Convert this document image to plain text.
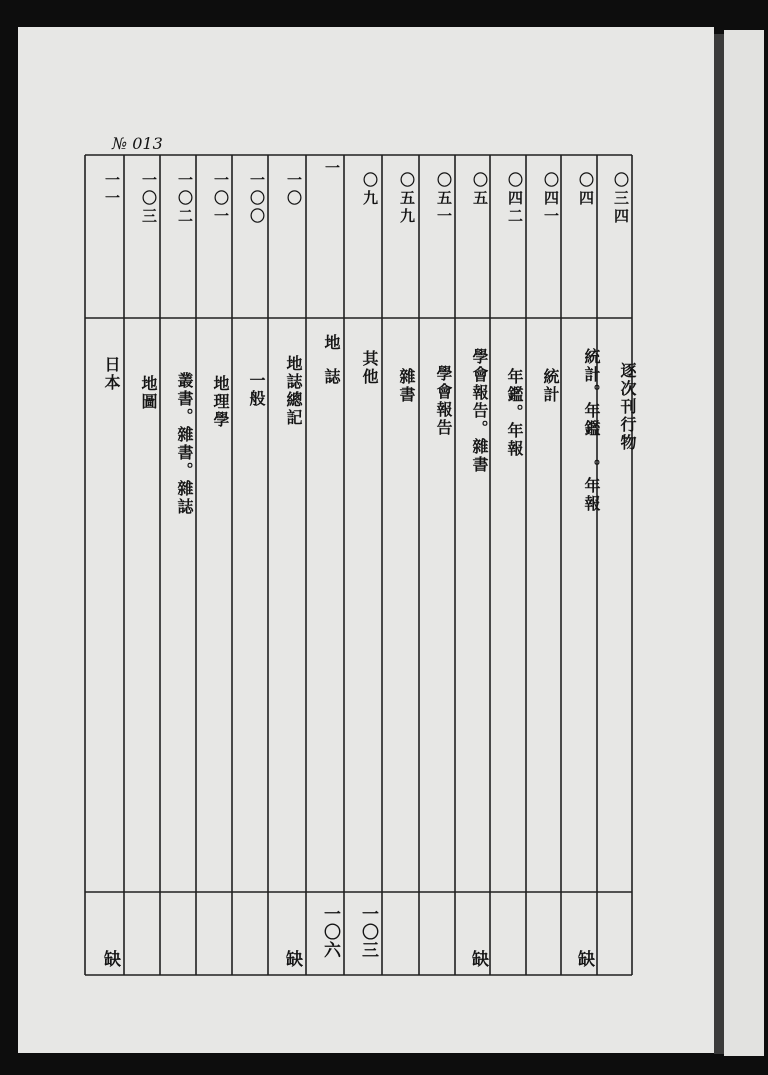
№ 013
〇三四
逐次刊行物
〇四
統計。年鑑 。年報
缺
〇四一
統計
〇四二
年鑑。年報
〇五
學會報告。雜書
缺
〇五一
學會報告
〇五九
雜書
〇九
其他
一〇三
一
地誌
一〇六
一〇
地誌總記
缺
一〇〇
一般
一〇一
地理學
一〇二
叢書。雜書。雜誌
一〇三
地圖
一一
日本
缺
